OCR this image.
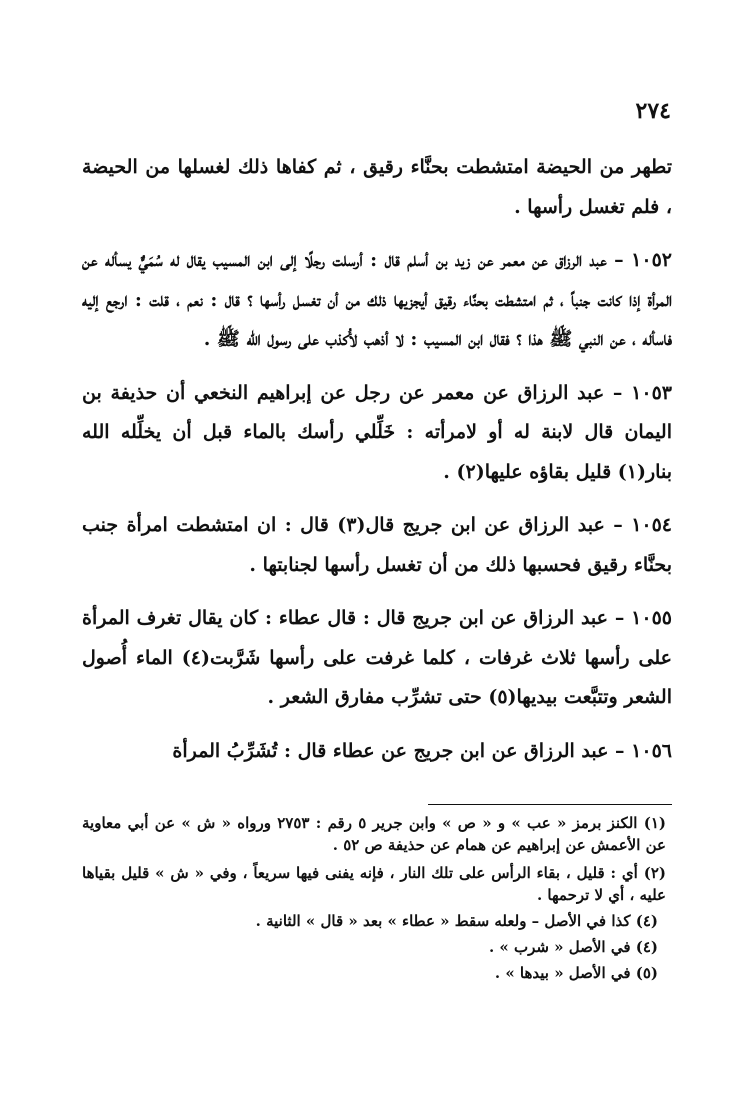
٢٧٤

تطهر من الحيضة امتشطت بحنَّاء رقيق ، ثم كفاها ذلك لغسلها من الحيضة ، فلم تغسل رأسها .

١٠٥٢ – عبد الرزاق عن معمر عن زيد بن أسلم قال : أرسلت رجلًا إلى ابن المسيب يقال له سُمَيٌّ يسأله عن المرأة إذا كانت جنباً ، ثم امتشطت بحنَّاء رقيق أيجزيها ذلك من أن تغسل رأسها ؟ قال : نعم ، قلت : ارجع إليه فاسأله ، عن النبي ﷺ هذا ؟ فقال ابن المسيب : لا أذهب لأُكذب على رسول الله ﷺ .

١٠٥٣ – عبد الرزاق عن معمر عن رجل عن إبراهيم النخعي أن حذيفة بن اليمان قال لابنة له أو لامرأته : خَلِّلي رأسك بالماء قبل أن يخلِّله الله بنار(١) قليل بقاؤه عليها(٢) .

١٠٥٤ – عبد الرزاق عن ابن جريج قال(٣) قال : ان امتشطت امرأة جنب بحنَّاء رقيق فحسبها ذلك من أن تغسل رأسها لجنابتها .

١٠٥٥ – عبد الرزاق عن ابن جريج قال : قال عطاء : كان يقال تغرف المرأة على رأسها ثلاث غرفات ، كلما غرفت على رأسها شَرَّبت(٤) الماء أُصول الشعر وتتبَّعت بيديها(٥) حتى تشرِّب مفارق الشعر .

١٠٥٦ – عبد الرزاق عن ابن جريج عن عطاء قال : تُشَرِّبُ المرأة

(١) الكنز برمز « عب » و « ص » وابن جرير ٥ رقم : ٢٧٥٣ ورواه « ش » عن أبي معاوية عن الأعمش عن إبراهيم عن همام عن حذيفة ص ٥٢ .

(٢) أي : قليل ، بقاء الرأس على تلك النار ، فإنه يفنى فيها سريعاً ، وفي « ش » قليل بقياها عليه ، أي لا ترحمها .

(٤) كذا في الأصل – ولعله سقط « عطاء » بعد « قال » الثانية .

(٤) في الأصل « شرب » .

(٥) في الأصل « بيدها » .
